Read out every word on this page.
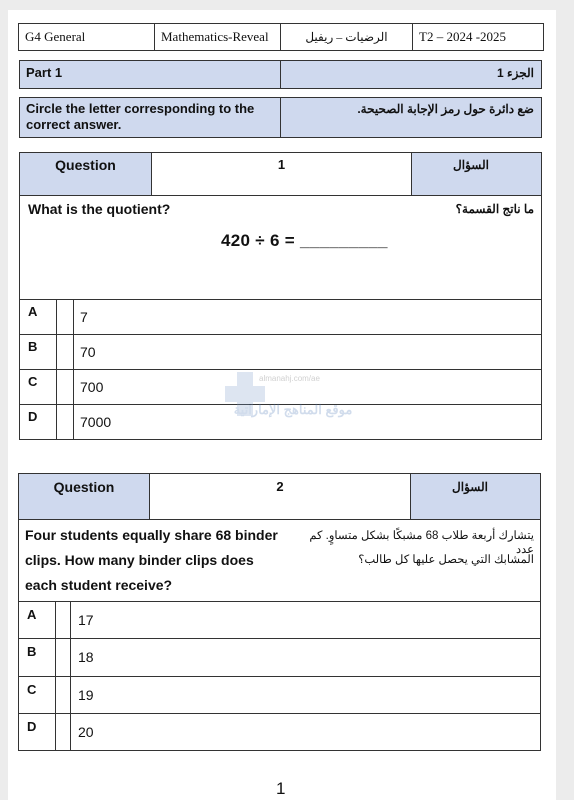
G4 General	Mathematics-Reveal	الرضيات – ريفيل	T2 – 2024 -2025
Part 1	الجزء 1
Circle the letter corresponding to the correct answer.
ضع دائرة حول رمز الإجابة الصحيحة.
Question	1	السؤال
What is the quotient?	ما ناتج القسمة؟
420 ÷ 6 = _________
A		7
B		70
C		700
D		7000
almanahj.com/ae
موقع المناهج الإماراتية
Question	2	السؤال
Four students equally share 68 binder
clips. How many binder clips does
each student receive?
يتشارك أربعة طلاب 68 مشبكًا بشكل متساوٍ. كم عدد
المشابك التي يحصل عليها كل طالب؟
A		17
B		18
C		19
D		20
1
